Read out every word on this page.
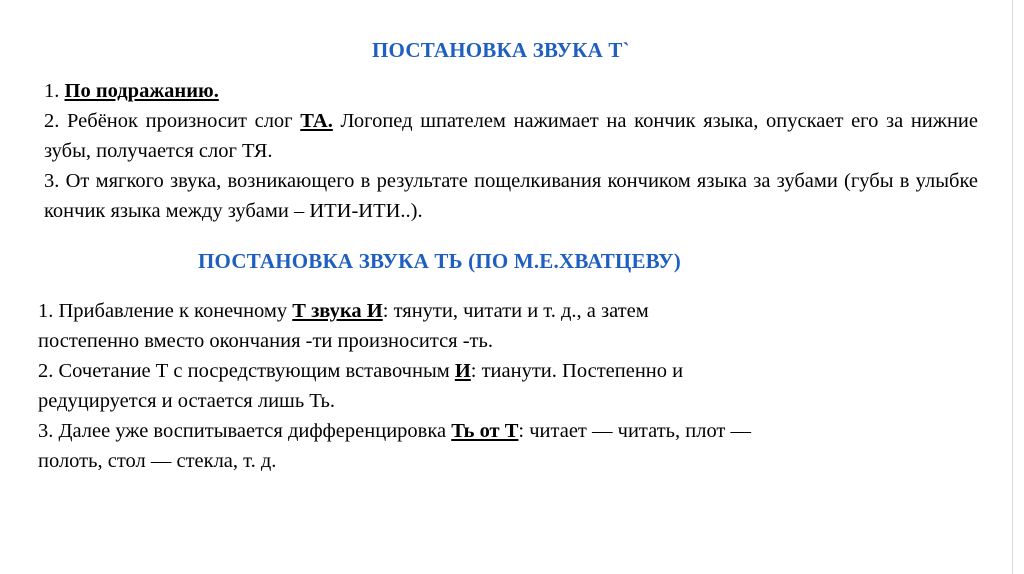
ПОСТАНОВКА ЗВУКА Т`

1. По подражанию.

2. Ребёнок произносит слог ТА. Логопед шпателем нажимает на кончик языка, опускает его за нижние зубы, получается слог ТЯ.

3. От мягкого звука, возникающего в результате пощелкивания кончиком языка за зубами (губы в улыбке кончик языка между зубами – ИТИ-ИТИ..).

ПОСТАНОВКА ЗВУКА ТЬ (ПО М.Е.ХВАТЦЕВУ)
1. Прибавление к конечному Т звука И: тянути, читати и т. д., а затем
постепенно вместо окончания -ти произносится -ть.
2. Сочетание Т с посредствующим вставочным И: тианути. Постепенно и
редуцируется и остается лишь Ть.
3. Далее уже воспитывается дифференцировка Ть от Т: читает — читать, плот —
полоть, стол — стекла, т. д.
